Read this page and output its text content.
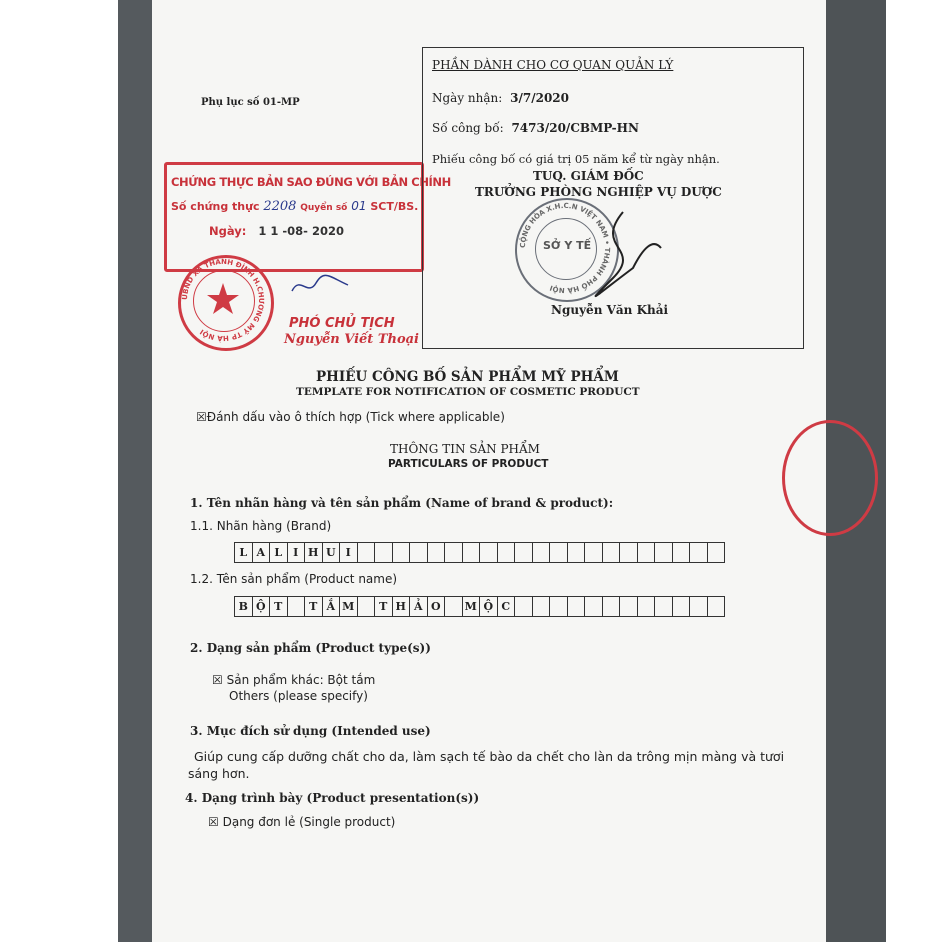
Phụ lục số 01-MP
CHỨNG THỰC BẢN SAO ĐÚNG VỚI BẢN CHÍNH
Số chứng thực 2208 Quyển số 01 SCT/BS.
Ngày: 1 1 -08- 2020
UBND XÃ THANH ĐÌNH H.CHƯƠNG MỸ TP HÀ NỘI
PHÓ CHỦ TỊCH
Nguyễn Viết Thoại
PHẦN DÀNH CHO CƠ QUAN QUẢN LÝ
Ngày nhận: 3/7/2020
Số công bố: 7473/20/CBMP-HN
Phiếu công bố có giá trị 05 năm kể từ ngày nhận.
TUQ. GIÁM ĐỐC
TRƯỞNG PHÒNG NGHIỆP VỤ DƯỢC
SỞ Y TẾ
CỘNG HÒA X.H.C.N VIỆT NAM • THÀNH PHỐ HÀ NỘI
Nguyễn Văn Khải
PHIẾU CÔNG BỐ SẢN PHẨM MỸ PHẨM
TEMPLATE FOR NOTIFICATION OF COSMETIC PRODUCT
☒Đánh dấu vào ô thích hợp (Tick where applicable)
THÔNG TIN SẢN PHẨM
PARTICULARS OF PRODUCT
1. Tên nhãn hàng và tên sản phẩm (Name of brand & product):
1.1. Nhãn hàng (Brand)
L A L	I H U I
1.2. Tên sản phẩm (Product name)
B Ộ T	T Ắ M	T H Ả O	M Ộ C
2. Dạng sản phẩm (Product type(s))
☒ Sản phẩm khác: Bột tắm
Others (please specify)
3. Mục đích sử dụng (Intended use)
Giúp cung cấp dưỡng chất cho da, làm sạch tế bào da chết cho làn da trông mịn màng và tươi
sáng hơn.
4. Dạng trình bày (Product presentation(s))
☒ Dạng đơn lẻ (Single product)
